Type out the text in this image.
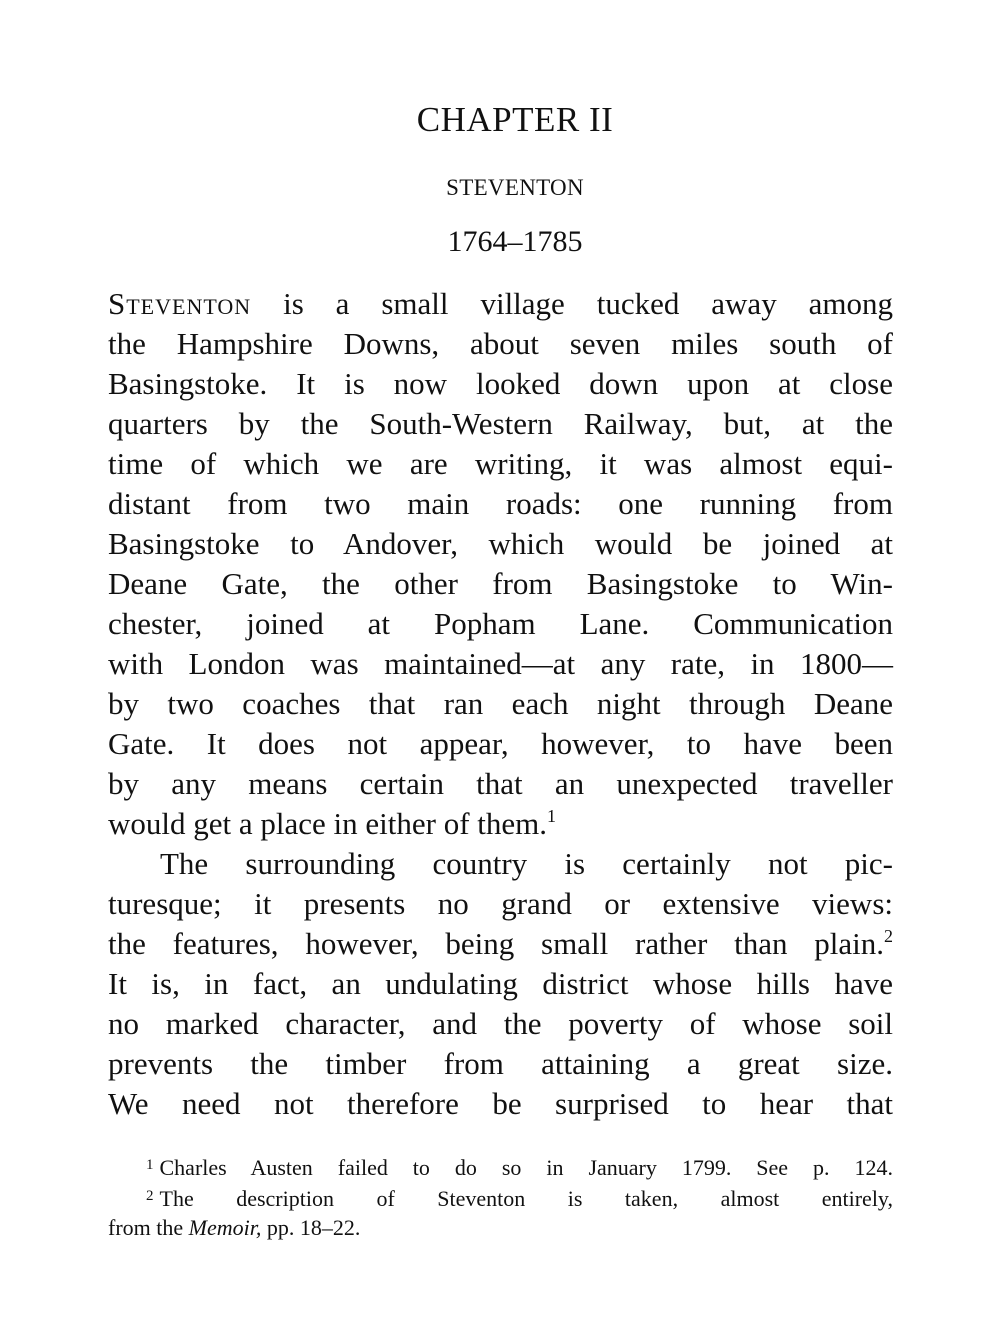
CHAPTER II
STEVENTON
1764–1785
Steventon is a small village tucked away among
the Hampshire Downs, about seven miles south of
Basingstoke. It is now looked down upon at close
quarters by the South-Western Railway, but, at the
time of which we are writing, it was almost equi-
distant from two main roads: one running from
Basingstoke to Andover, which would be joined at
Deane Gate, the other from Basingstoke to Win-
chester, joined at Popham Lane. Communication
with London was maintained—at any rate, in 1800—
by two coaches that ran each night through Deane
Gate. It does not appear, however, to have been
by any means certain that an unexpected traveller
would get a place in either of them.$^1$
The surrounding country is certainly not pic-
turesque; it presents no grand or extensive views:
the features, however, being small rather than plain.$^2$
It is, in fact, an undulating district whose hills have
no marked character, and the poverty of whose soil
prevents the timber from attaining a great size.
We need not therefore be surprised to hear that
$^1$ Charles Austen failed to do so in January 1799. See p. 124.
$^2$ The description of Steventon is taken, almost entirely,
from the Memoir, pp. 18–22.
